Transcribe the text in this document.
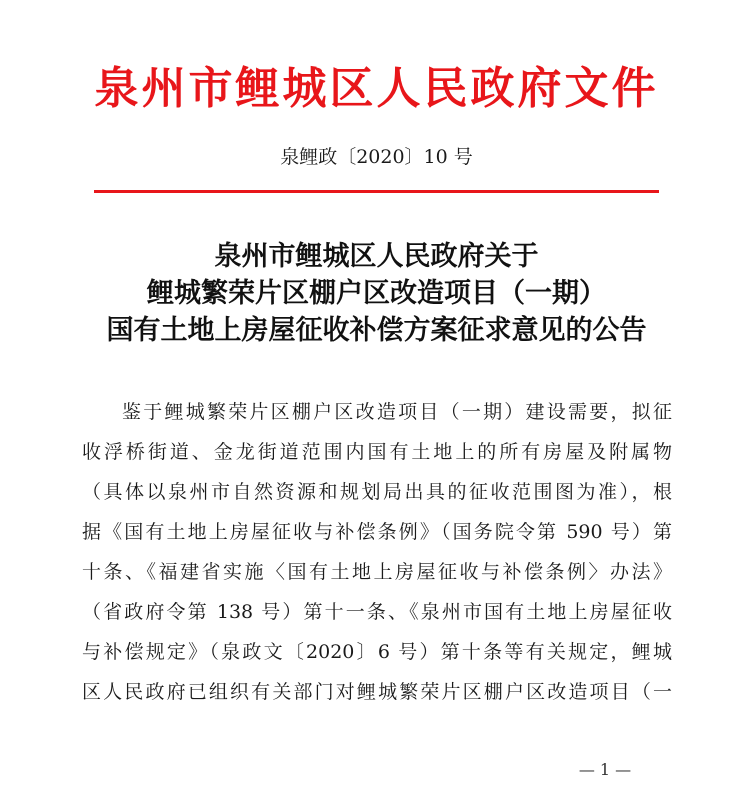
泉州市鲤城区人民政府文件
泉鲤政〔2020〕10 号
泉州市鲤城区人民政府关于
鲤城繁荣片区棚户区改造项目（一期）
国有土地上房屋征收补偿方案征求意见的公告
鉴于鲤城繁荣片区棚户区改造项目（一期）建设需要，拟征
收浮桥街道、金龙街道范围内国有土地上的所有房屋及附属物
（具体以泉州市自然资源和规划局出具的征收范围图为准），根
据《国有土地上房屋征收与补偿条例》（国务院令第 590 号）第
十条、《福建省实施〈国有土地上房屋征收与补偿条例〉办法》
（省政府令第 138 号）第十一条、《泉州市国有土地上房屋征收
与补偿规定》（泉政文〔2020〕6 号）第十条等有关规定，鲤城
区人民政府已组织有关部门对鲤城繁荣片区棚户区改造项目（一
— 1 —
